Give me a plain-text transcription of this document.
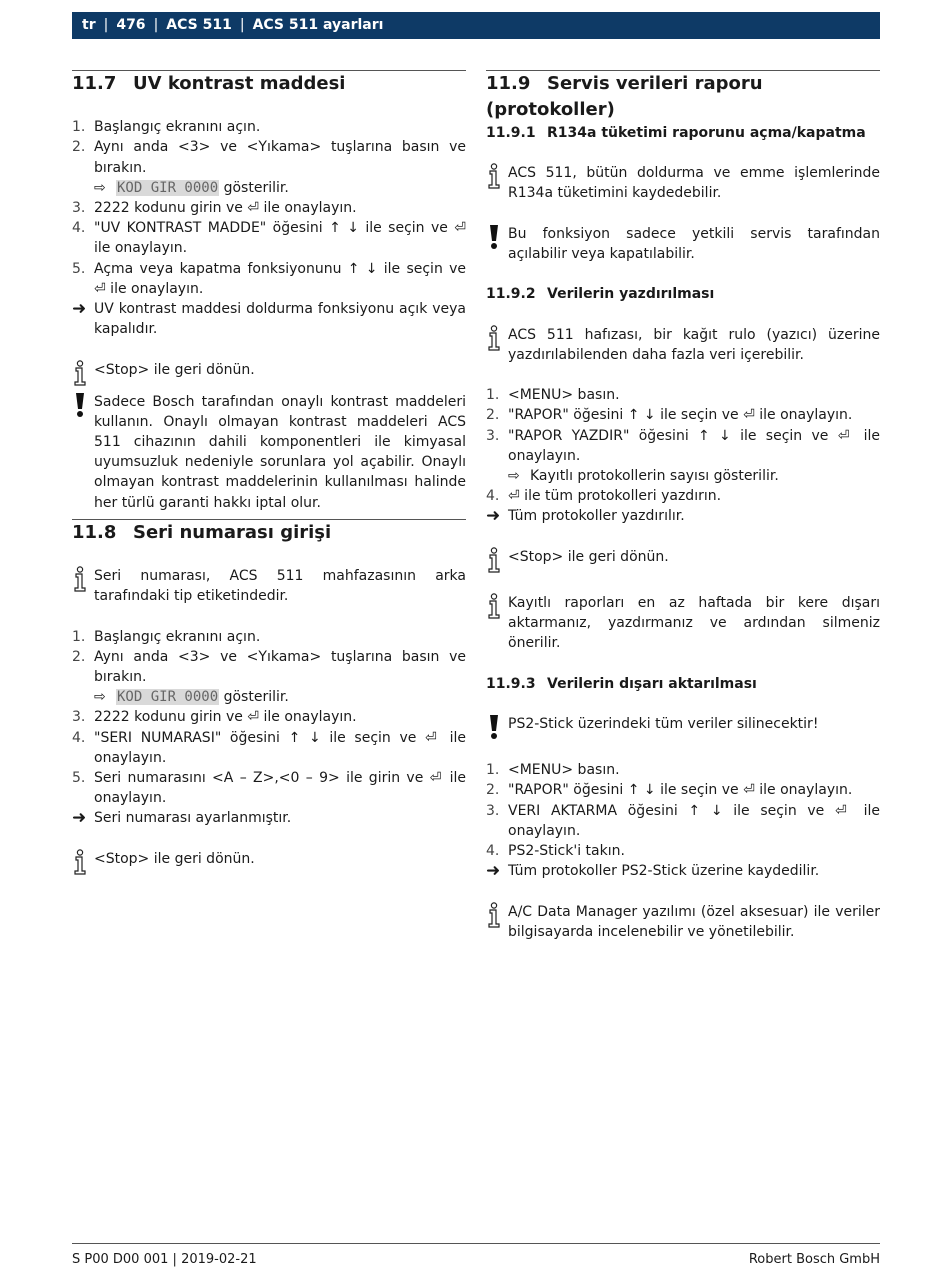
tr | 476 | ACS 511 | ACS 511 ayarları
11.7 UV kontrast maddesi
1. Başlangıç ekranını açın.
2. Aynı anda <3> ve <Yıkama> tuşlarına basın ve bırakın.
⇨ KOD GIR 0000 gösterilir.
3. 2222 kodunu girin ve ⏎ ile onaylayın.
4. "UV KONTRAST MADDE" öğesini ↑ ↓ ile seçin ve ⏎ ile onaylayın.
5. Açma veya kapatma fonksiyonunu ↑ ↓ ile seçin ve ⏎ ile onaylayın.
➜ UV kontrast maddesi doldurma fonksiyonu açık veya kapalıdır.
<Stop> ile geri dönün.
Sadece Bosch tarafından onaylı kontrast maddeleri kullanın. Onaylı olmayan kontrast maddeleri ACS 511 cihazının dahili komponentleri ile kimyasal uyumsuzluk nedeniyle sorunlara yol açabilir. Onaylı olmayan kontrast maddelerinin kullanılması halinde her türlü garanti hakkı iptal olur.
11.8 Seri numarası girişi
Seri numarası, ACS 511 mahfazasının arka tarafındaki tip etiketindedir.
1. Başlangıç ekranını açın.
2. Aynı anda <3> ve <Yıkama> tuşlarına basın ve bırakın.
⇨ KOD GIR 0000 gösterilir.
3. 2222 kodunu girin ve ⏎ ile onaylayın.
4. "SERI NUMARASI" öğesini ↑ ↓ ile seçin ve ⏎ ile onaylayın.
5. Seri numarasını <A – Z>,<0 – 9> ile girin ve ⏎ ile onaylayın.
➜ Seri numarası ayarlanmıştır.
<Stop> ile geri dönün.
11.9 Servis verileri raporu (protokoller)
11.9.1 R134a tüketimi raporunu açma/kapatma
ACS 511, bütün doldurma ve emme işlemlerinde R134a tüketimini kaydedebilir.
Bu fonksiyon sadece yetkili servis tarafından açılabilir veya kapatılabilir.
11.9.2 Verilerin yazdırılması
ACS 511 hafızası, bir kağıt rulo (yazıcı) üzerine yazdırılabilenden daha fazla veri içerebilir.
1. <MENU> basın.
2. "RAPOR" öğesini ↑ ↓ ile seçin ve ⏎ ile onaylayın.
3. "RAPOR YAZDIR" öğesini ↑ ↓ ile seçin ve ⏎ ile onaylayın.
⇨ Kayıtlı protokollerin sayısı gösterilir.
4. ⏎ ile tüm protokolleri yazdırın.
➜ Tüm protokoller yazdırılır.
<Stop> ile geri dönün.
Kayıtlı raporları en az haftada bir kere dışarı aktarmanız, yazdırmanız ve ardından silmeniz önerilir.
11.9.3 Verilerin dışarı aktarılması
PS2-Stick üzerindeki tüm veriler silinecektir!
1. <MENU> basın.
2. "RAPOR" öğesini ↑ ↓ ile seçin ve ⏎ ile onaylayın.
3. VERI AKTARMA öğesini ↑ ↓ ile seçin ve ⏎ ile onaylayın.
4. PS2-Stick'i takın.
➜ Tüm protokoller PS2-Stick üzerine kaydedilir.
A/C Data Manager yazılımı (özel aksesuar) ile veriler bilgisayarda incelenebilir ve yönetilebilir.
S P00 D00 001 | 2019-02-21	Robert Bosch GmbH
